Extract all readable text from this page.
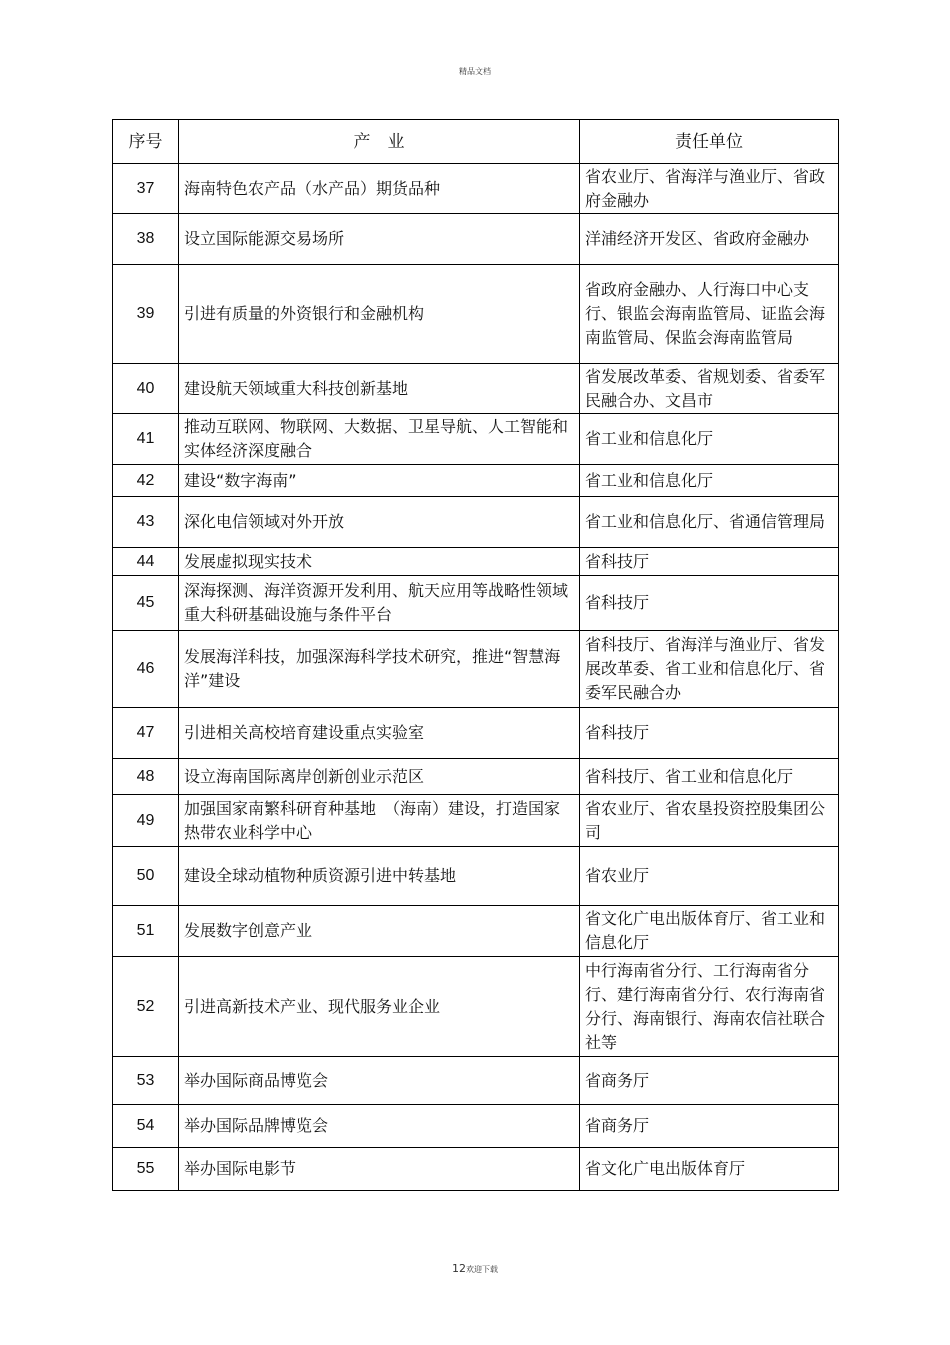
精品文档
序号	产　业	责任单位
37	海南特色农产品（水产品）期货品种	省农业厅、省海洋与渔业厅、省政府金融办
38	设立国际能源交易场所	洋浦经济开发区、省政府金融办
39	引进有质量的外资银行和金融机构	省政府金融办、人行海口中心支行、银监会海南监管局、证监会海南监管局、保监会海南监管局
40	建设航天领域重大科技创新基地	省发展改革委、省规划委、省委军民融合办、文昌市
41	推动互联网、物联网、大数据、卫星导航、人工智能和实体经济深度融合	省工业和信息化厅
42	建设“数字海南”	省工业和信息化厅
43	深化电信领域对外开放	省工业和信息化厅、省通信管理局
44	发展虚拟现实技术	省科技厅
45	深海探测、海洋资源开发利用、航天应用等战略性领域重大科研基础设施与条件平台	省科技厅
46	发展海洋科技，加强深海科学技术研究，推进“智慧海洋”建设	省科技厅、省海洋与渔业厅、省发展改革委、省工业和信息化厅、省委军民融合办
47	引进相关高校培育建设重点实验室	省科技厅
48	设立海南国际离岸创新创业示范区	省科技厅、省工业和信息化厅
49	加强国家南繁科研育种基地　（海南）建设，打造国家热带农业科学中心	省农业厅、省农垦投资控股集团公司
50	建设全球动植物种质资源引进中转基地	省农业厅
51	发展数字创意产业	省文化广电出版体育厅、省工业和信息化厅
52	引进高新技术产业、现代服务业企业	中行海南省分行、工行海南省分行、建行海南省分行、农行海南省分行、海南银行、海南农信社联合社等
53	举办国际商品博览会	省商务厅
54	举办国际品牌博览会	省商务厅
55	举办国际电影节	省文化广电出版体育厅
12欢迎下载
